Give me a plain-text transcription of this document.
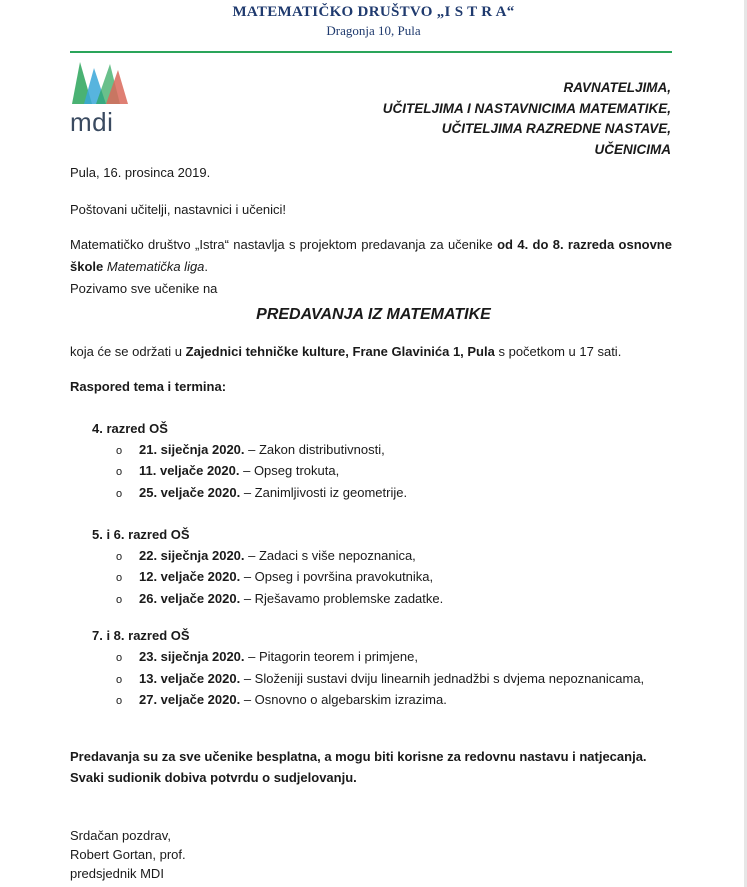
MATEMATIČKO DRUŠTVO „I S T R A“
Dragonja 10, Pula
mdi
RAVNATELJIMA,
UČITELJIMA I NASTAVNICIMA MATEMATIKE,
UČITELJIMA RAZREDNE NASTAVE,
UČENICIMA
Pula, 16. prosinca 2019.
Poštovani učitelji, nastavnici i učenici!
Matematičko društvo „Istra“ nastavlja s projektom predavanja za učenike od 4. do 8. razreda osnovne škole Matematička liga.
Pozivamo sve učenike na
PREDAVANJA IZ MATEMATIKE
koja će se održati u Zajednici tehničke kulture, Frane Glavinića 1, Pula s početkom u 17 sati.
Raspored tema i termina:
4. razred OŠ
o 21. siječnja 2020. – Zakon distributivnosti,
o 11. veljače 2020. – Opseg trokuta,
o 25. veljače 2020. – Zanimljivosti iz geometrije.
5. i 6. razred OŠ
o 22. siječnja 2020. – Zadaci s više nepoznanica,
o 12. veljače 2020. – Opseg i površina pravokutnika,
o 26. veljače 2020. – Rješavamo problemske zadatke.
7. i 8. razred OŠ
o 23. siječnja 2020. – Pitagorin teorem i primjene,
o 13. veljače 2020. – Složeniji sustavi dviju linearnih jednadžbi s dvjema nepoznanicama,
o 27. veljače 2020. – Osnovno o algebarskim izrazima.
Predavanja su za sve učenike besplatna, a mogu biti korisne za redovnu nastavu i natjecanja.
Svaki sudionik dobiva potvrdu o sudjelovanju.
Srdačan pozdrav,
Robert Gortan, prof.
predsjednik MDI
